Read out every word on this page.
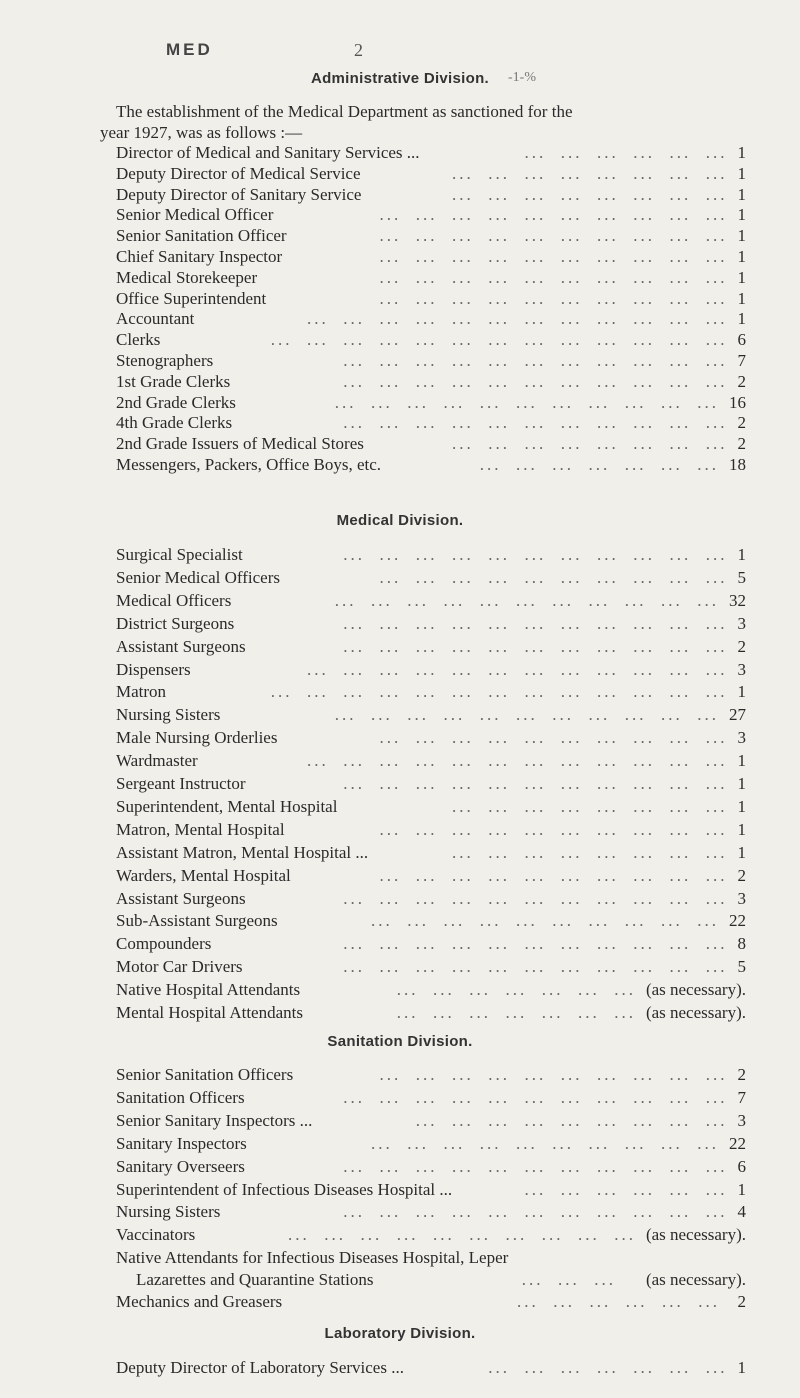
MED	2
Administrative Division.	-1-%
The establishment of the Medical Department as sanctioned for the
year 1927, was as follows :—
Director of Medical and Sanitary Services ...	...  ...  ...  ...  ...  ... 1
Deputy Director of Medical Service	...  ...  ...  ...  ...  ...  ...  ... 1
Deputy Director of Sanitary Service	...  ...  ...  ...  ...  ...  ...  ... 1
Senior Medical Officer	...  ...  ...  ...  ...  ...  ...  ...  ...  ... 1
Senior Sanitation Officer	...  ...  ...  ...  ...  ...  ...  ...  ...  ... 1
Chief Sanitary Inspector	...  ...  ...  ...  ...  ...  ...  ...  ...  ... 1
Medical Storekeeper	...  ...  ...  ...  ...  ...  ...  ...  ...  ... 1
Office Superintendent	...  ...  ...  ...  ...  ...  ...  ...  ...  ... 1
Accountant	...  ...  ...  ...  ...  ...  ...  ...  ...  ...  ...  ... 1
Clerks	...  ...  ...  ...  ...  ...  ...  ...  ...  ...  ...  ...  ... 6
Stenographers	...  ...  ...  ...  ...  ...  ...  ...  ...  ...  ... 7
1st Grade Clerks	...  ...  ...  ...  ...  ...  ...  ...  ...  ...  ... 2
2nd Grade Clerks	...  ...  ...  ...  ...  ...  ...  ...  ...  ...  ... 16
4th Grade Clerks	...  ...  ...  ...  ...  ...  ...  ...  ...  ...  ... 2
2nd Grade Issuers of Medical Stores	...  ...  ...  ...  ...  ...  ...  ... 2
Messengers, Packers, Office Boys, etc.	...  ...  ...  ...  ...  ...  ... 18
Medical Division.
Surgical Specialist	...  ...  ...  ...  ...  ...  ...  ...  ...  ...  ... 1
Senior Medical Officers	...  ...  ...  ...  ...  ...  ...  ...  ...  ... 5
Medical Officers	...  ...  ...  ...  ...  ...  ...  ...  ...  ...  ... 32
District Surgeons	...  ...  ...  ...  ...  ...  ...  ...  ...  ...  ... 3
Assistant Surgeons	...  ...  ...  ...  ...  ...  ...  ...  ...  ...  ... 2
Dispensers	...  ...  ...  ...  ...  ...  ...  ...  ...  ...  ...  ... 3
Matron	...  ...  ...  ...  ...  ...  ...  ...  ...  ...  ...  ...  ... 1
Nursing Sisters	...  ...  ...  ...  ...  ...  ...  ...  ...  ...  ... 27
Male Nursing Orderlies	...  ...  ...  ...  ...  ...  ...  ...  ...  ... 3
Wardmaster	...  ...  ...  ...  ...  ...  ...  ...  ...  ...  ...  ... 1
Sergeant Instructor	...  ...  ...  ...  ...  ...  ...  ...  ...  ...  ... 1
Superintendent, Mental Hospital	...  ...  ...  ...  ...  ...  ...  ... 1
Matron, Mental Hospital	...  ...  ...  ...  ...  ...  ...  ...  ...  ... 1
Assistant Matron, Mental Hospital ...	...  ...  ...  ...  ...  ...  ...  ... 1
Warders, Mental Hospital	...  ...  ...  ...  ...  ...  ...  ...  ...  ... 2
Assistant Surgeons	...  ...  ...  ...  ...  ...  ...  ...  ...  ...  ... 3
Sub-Assistant Surgeons	...  ...  ...  ...  ...  ...  ...  ...  ...  ... 22
Compounders	...  ...  ...  ...  ...  ...  ...  ...  ...  ...  ... 8
Motor Car Drivers	...  ...  ...  ...  ...  ...  ...  ...  ...  ...  ... 5
Native Hospital Attendants	...  ...  ...  ...  ...  ...  ... (as necessary).
Mental Hospital Attendants	...  ...  ...  ...  ...  ...  ... (as necessary).
Sanitation Division.
Senior Sanitation Officers	...  ...  ...  ...  ...  ...  ...  ...  ...  ... 2
Sanitation Officers	...  ...  ...  ...  ...  ...  ...  ...  ...  ...  ... 7
Senior Sanitary Inspectors ...	...  ...  ...  ...  ...  ...  ...  ...  ... 3
Sanitary Inspectors	...  ...  ...  ...  ...  ...  ...  ...  ...  ... 22
Sanitary Overseers	...  ...  ...  ...  ...  ...  ...  ...  ...  ...  ... 6
Superintendent of Infectious Diseases Hospital ...	...  ...  ...  ...  ...  ... 1
Nursing Sisters	...  ...  ...  ...  ...  ...  ...  ...  ...  ...  ... 4
Vaccinators	...  ...  ...  ...  ...  ...  ...  ...  ...  ... (as necessary).
Native Attendants for Infectious Diseases Hospital, Leper
Lazarettes and Quarantine Stations	...  ...  ... (as necessary).
Mechanics and Greasers	...  ...  ...  ...  ...  ... 2
Laboratory Division.
Deputy Director of Laboratory Services ...	...  ...  ...  ...  ...  ...  ... 1
